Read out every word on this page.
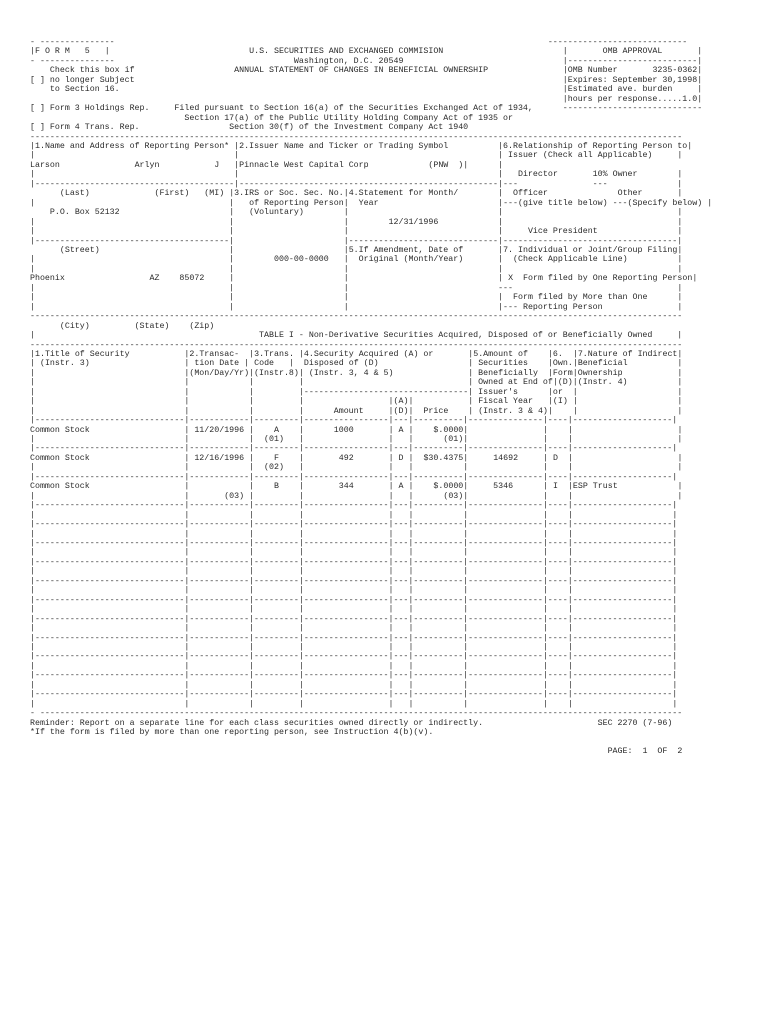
- ---------------	----------------------------
|F O R M   5 |	U.S. SECURITIES AND EXCHANGED COMMISION	|	OMB APPROVAL	|
- ---------------	Washington, D.C. 20549	|--------------------------|
Check this box if	ANNUAL STATEMENT OF CHANGES IN BENEFICIAL OWNERSHIP	|OMB Number       3235-0362|
[ ] no longer Subject	|Expires: September 30,1998|
to Section 16.	|Estimated ave. burden	|
|hours per response.....1.0|
[ ] Form 3 Holdings Rep.	Filed pursuant to Section 16(a) of the Securities Exchanged Act of 1934,	----------------------------
Section 17(a) of the Public Utility Holding Company Act of 1935 or
[ ] Form 4 Trans. Rep.	Section 30(f) of the Investment Company Act 1940
-----------------------------------------------------------------------------------------------------------------------------------
|1.Name and Address of Reporting Person* |2.Issuer Name and Ticker or Trading Symbol	|6.Relationship of Reporting Person to|
|	|	| Issuer (Check all Applicable)	|
Larson	Arlyn	J |Pinnacle West Capital Corp	(PNW  )|	|
|	|	| Director	10% Owner	|
|----------------------------------------|----------------------------------------------------|---	---	|
(Last)	(First) (MI) |3.IRS or Soc. Sec. No.|4.Statement for Month/	| Officer	Other	|
|	| of Reporting Person| Year	|---(give title below) ---(Specify below) |
P.O. Box 52132	| (Voluntary)	|	|	|
|	|	|	12/31/1996	|	|
|	|	|	|	Vice President	|
|---------------------------------------|	|------------------------------|-----------------------------------|
(Street)	|	|5.If Amendment, Date of	|7. Individual or Joint/Group Filing|
|	|	000-00-0000 | Original (Month/Year)	| (Check Applicable Line)	|
|	|	|	|	|
Phoenix	AZ 85072	|	|	| X  Form filed by One Reporting Person|
|	|	|	---	|
|	|	|	| Form filed by More than One	|
|	|	|	|--- Reporting Person	|
-----------------------------------------------------------------------------------------------------------------------------------
(City)	(State) (Zip)
|	TABLE I - Non-Derivative Securities Acquired, Disposed of or Beneficially Owned	|
-----------------------------------------------------------------------------------------------------------------------------------
|1.Title of Security	|2.Transac- |3.Trans. |4.Security Acquired (A) or	|5.Amount of |6. |7.Nature of Indirect|
| (Instr. 3)	| tion Date | Code | Disposed of (D)	| Securities |Own.|Beneficial	|
|	|(Mon/Day/Yr)|(Instr.8)| (Instr. 3, 4 & 5)	| Beneficially |Form|Ownership	|
|	|	|	|	| Owned at End of|(D)|(Instr. 4)	|
|	|	|	|---------------------------------| Issuer's	|or |	|
|	|	|	|	|(A)|	| Fiscal Year |(I) |	|
|	|	|	|	Amount	|(D)| Price | (Instr. 3 & 4)| |	|
|------------------------------|------------|---------|-----------------|---|----------|---------------|----|--------------------|
Common Stock	| 11/20/1996 | A |	1000	| A | $.0000|	| |	|
|	|	| (01) |	| |	(01)|	| |	|
|------------------------------|------------|---------|-----------------|---|----------|---------------|----|--------------------|
Common Stock	| 12/16/1996 | F |	492	| D | $30.4375|	14692	| D |	|
|	|	| (02) |	| |	|	| |	|
|------------------------------|------------|---------|-----------------|---|----------|---------------|----|--------------------|
Common Stock	|	| B |	344	| A | $.0000|	5346	| I |ESP Trust	|
|	|	(03) |	|	| |	(03)|	| |	|
|------------------------------|------------|---------|-----------------|---|----------|---------------|----|--------------------|
|	|	|	|	| |	|	| |	|
|------------------------------|------------|---------|-----------------|---|----------|---------------|----|--------------------|
|	|	|	|	| |	|	| |	|
|------------------------------|------------|---------|-----------------|---|----------|---------------|----|--------------------|
|	|	|	|	| |	|	| |	|
|------------------------------|------------|---------|-----------------|---|----------|---------------|----|--------------------|
|	|	|	|	| |	|	| |	|
|------------------------------|------------|---------|-----------------|---|----------|---------------|----|--------------------|
|	|	|	|	| |	|	| |	|
|------------------------------|------------|---------|-----------------|---|----------|---------------|----|--------------------|
|	|	|	|	| |	|	| |	|
|------------------------------|------------|---------|-----------------|---|----------|---------------|----|--------------------|
|	|	|	|	| |	|	| |	|
|------------------------------|------------|---------|-----------------|---|----------|---------------|----|--------------------|
|	|	|	|	| |	|	| |	|
|------------------------------|------------|---------|-----------------|---|----------|---------------|----|--------------------|
|	|	|	|	| |	|	| |	|
|------------------------------|------------|---------|-----------------|---|----------|---------------|----|--------------------|
|	|	|	|	| |	|	| |	|
|------------------------------|------------|---------|-----------------|---|----------|---------------|----|--------------------|
|	|	|	|	| |	|	| |	|
- ---------------------------------------------------------------------------------------------------------------------------------
Reminder: Report on a separate line for each class securities owned directly or indirectly.	SEC 2270 (7-96)
*If the form is filed by more than one reporting person, see Instruction 4(b)(v).

PAGE: 1 OF 2
